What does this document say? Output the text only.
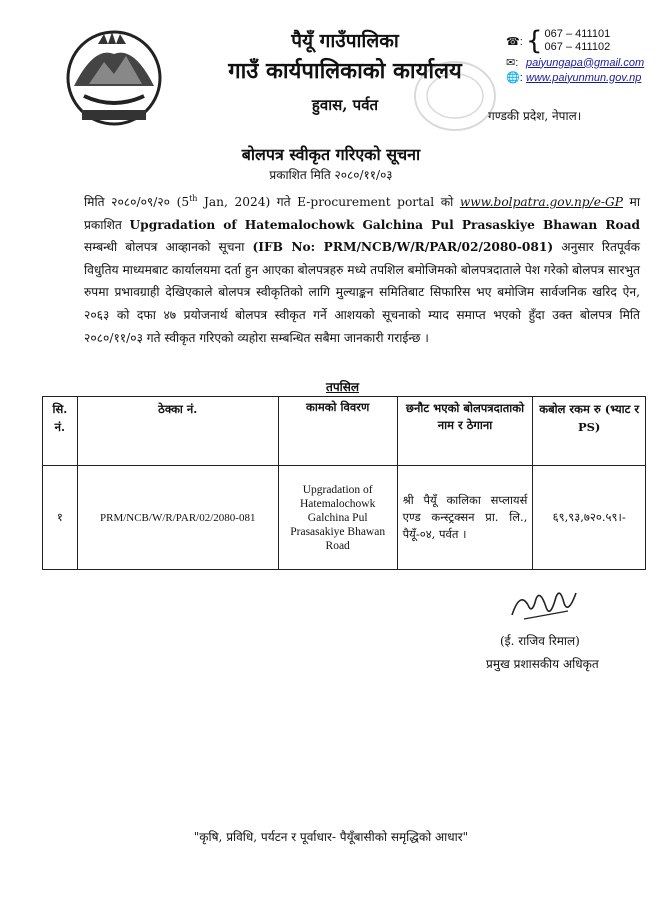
पैयूँ गाउँपालिका
गाउँ कार्यपालिकाको कार्यालय
हुवास, पर्वत
☎: { 067 – 411101
067 – 411102
✉: paiyungapa@gmail.com
🌐: www.paiyunmun.gov.np
गण्डकी प्रदेश, नेपाल।
बोलपत्र स्वीकृत गरिएको सूचना
प्रकाशित मिति २०८०/११/०३
मिति २०८०/०९/२० (5th Jan, 2024) गते E-procurement portal को www.bolpatra.gov.np/e-GP मा प्रकाशित Upgradation of Hatemalochowk Galchina Pul Prasaskiye Bhawan Road सम्बन्धी बोलपत्र आव्हानको सूचना (IFB No: PRM/NCB/W/R/PAR/02/2080-081) अनुसार रितपूर्वक विधुतिय माध्यमबाट कार्यालयमा दर्ता हुन आएका बोलपत्रहरु मध्ये तपशिल बमोजिमको बोलपत्रदाताले पेश गरेको बोलपत्र सारभुत रुपमा प्रभावग्राही देखिएकाले बोलपत्र स्वीकृतिको लागि मुल्याङ्कन समितिबाट सिफारिस भए बमोजिम सार्वजनिक खरिद ऐन, २०६३ को दफा ४७ प्रयोजनार्थ बोलपत्र स्वीकृत गर्ने आशयको सूचनाको म्याद समाप्त भएको हुँदा उक्त बोलपत्र मिति २०८०/११/०३ गते स्वीकृत गरिएको व्यहोरा सम्बन्धित सबैमा जानकारी गराईन्छ ।
तपसिल
सि. नं.	ठेक्का नं.	कामको विवरण	छनौट भएको बोलपत्रदाताको नाम र ठेगाना	कबोल रकम रु (भ्याट र PS)
१	PRM/NCB/W/R/PAR/02/2080-081	Upgradation of Hatemalochowk Galchina Pul Prasasakiye Bhawan Road	श्री पैयूँ कालिका सप्लायर्स एण्ड कन्स्ट्रक्सन प्रा. लि., पैयूँ-०४, पर्वत ।	६९,९३,७२०.५९।-
(ई. राजिव रिमाल)
प्रमुख प्रशासकीय अधिकृत
"कृषि, प्रविधि, पर्यटन र पूर्वाधार- पैयूँबासीको समृद्धिको आधार"
